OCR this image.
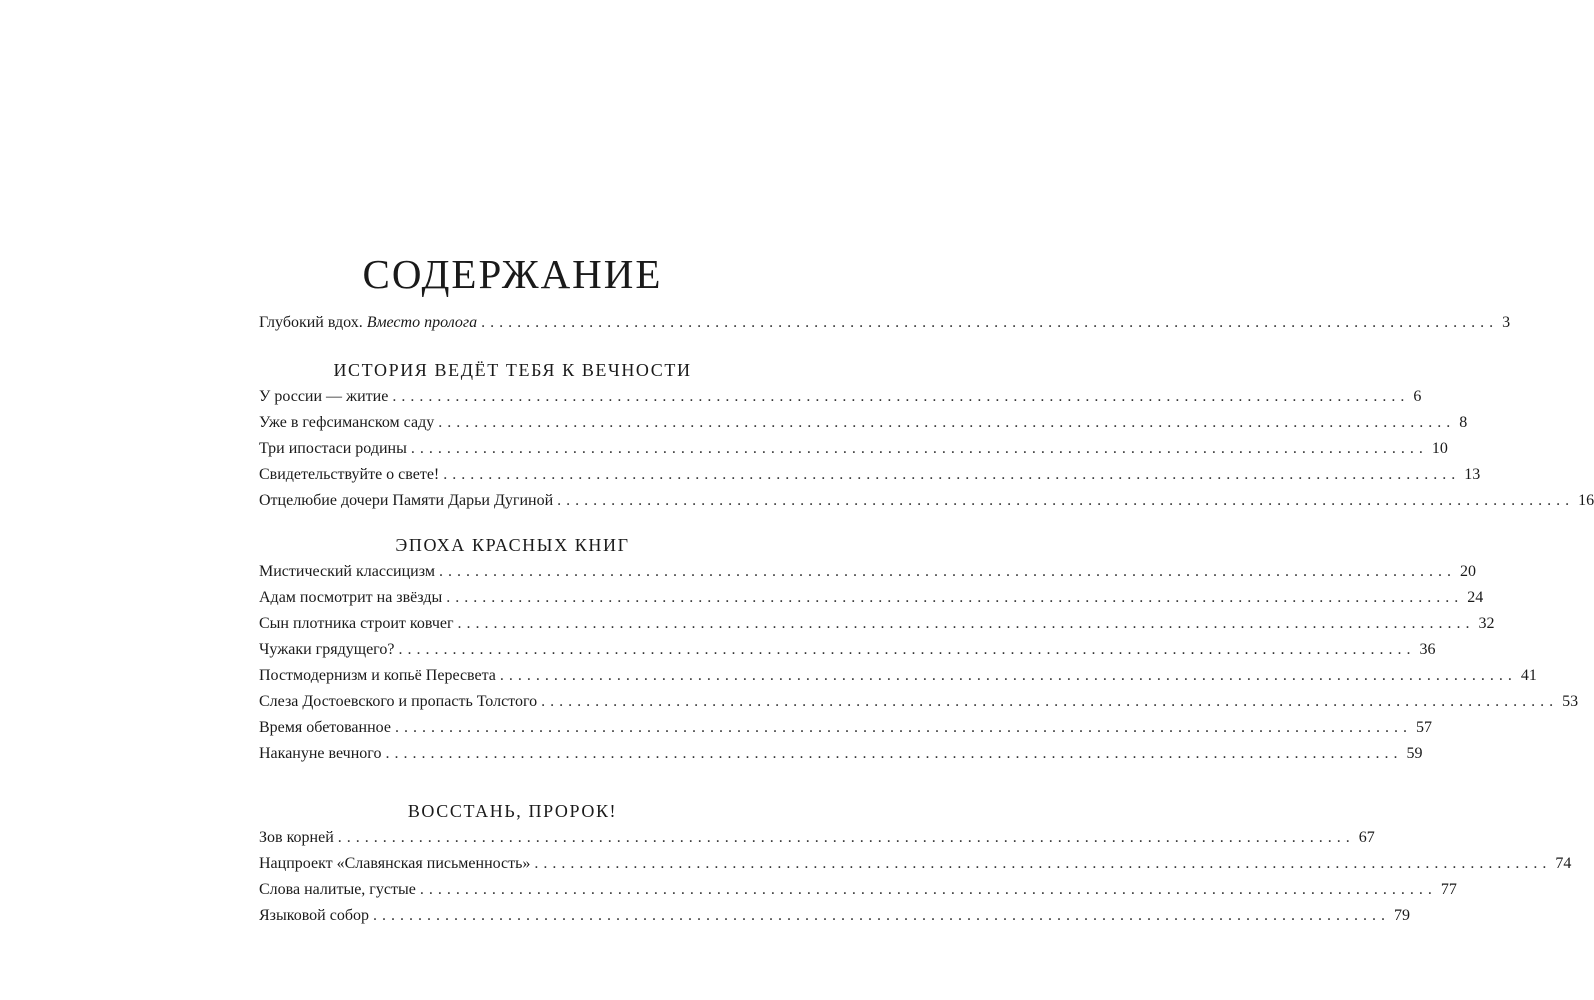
СОДЕРЖАНИЕ
Глубокий вдох. Вместо пролога ................................................................................................................. 3
ИСТОРИЯ ВЕДЁТ ТЕБЯ К ВЕЧНОСТИ
У россии — житие ................................................................................................................. 6
Уже в гефсиманском саду ................................................................................................................. 8
Три ипостаси родины ................................................................................................................. 10
Свидетельствуйте о свете! ................................................................................................................. 13
Отцелюбие дочери Памяти Дарьи Дугиной ................................................................................................................. 16
ЭПОХА КРАСНЫХ КНИГ
Мистический классицизм ................................................................................................................. 20
Адам посмотрит на звёзды ................................................................................................................. 24
Сын плотника строит ковчег ................................................................................................................. 32
Чужаки грядущего? ................................................................................................................. 36
Постмодернизм и копьё Пересвета ................................................................................................................. 41
Слеза Достоевского и пропасть Толстого ................................................................................................................. 53
Время обетованное ................................................................................................................. 57
Накануне вечного ................................................................................................................. 59
ВОССТАНЬ, ПРОРОК!
Зов корней ................................................................................................................. 67
Нацпроект «Славянская письменность» ................................................................................................................. 74
Слова налитые, густые ................................................................................................................. 77
Языковой собор ................................................................................................................. 79
